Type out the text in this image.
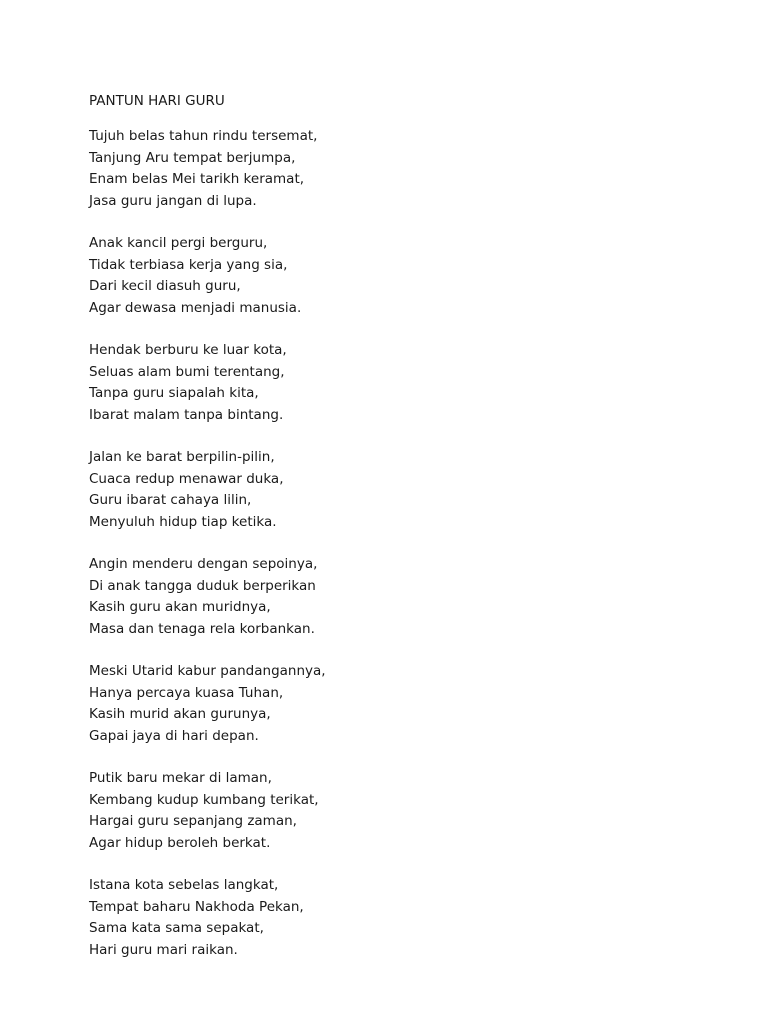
PANTUN HARI GURU
Tujuh belas tahun rindu tersemat,
Tanjung Aru tempat berjumpa,
Enam belas Mei tarikh keramat,
Jasa guru jangan di lupa.
Anak kancil pergi berguru,
Tidak terbiasa kerja yang sia,
Dari kecil diasuh guru,
Agar dewasa menjadi manusia.
Hendak berburu ke luar kota,
Seluas alam bumi terentang,
Tanpa guru siapalah kita,
Ibarat malam tanpa bintang.
Jalan ke barat berpilin-pilin,
Cuaca redup menawar duka,
Guru ibarat cahaya lilin,
Menyuluh hidup tiap ketika.
Angin menderu dengan sepoinya,
Di anak tangga duduk berperikan
Kasih guru akan muridnya,
Masa dan tenaga rela korbankan.
Meski Utarid kabur pandangannya,
Hanya percaya kuasa Tuhan,
Kasih murid akan gurunya,
Gapai jaya di hari depan.
Putik baru mekar di laman,
Kembang kudup kumbang terikat,
Hargai guru sepanjang zaman,
Agar hidup beroleh berkat.
Istana kota sebelas langkat,
Tempat baharu Nakhoda Pekan,
Sama kata sama sepakat,
Hari guru mari raikan.
